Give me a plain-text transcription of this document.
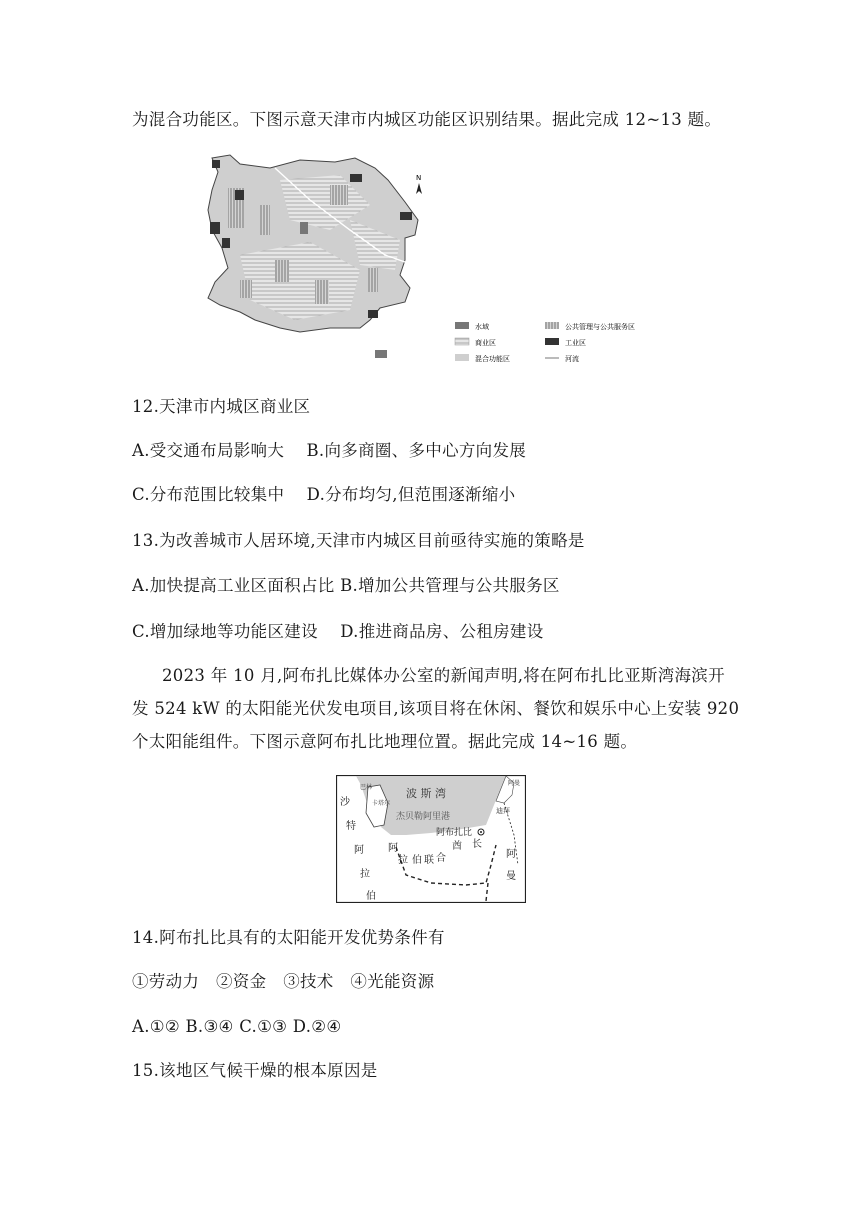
为混合功能区。下图示意天津市内城区功能区识别结果。据此完成 12~13 题。
N
水域	公共管理与公共服务区
商业区	工业区
混合功能区	河流
12.天津市内城区商业区
A.受交通布局影响大　 B.向多商圈、多中心方向发展
C.分布范围比较集中　 D.分布均匀,但范围逐渐缩小
13.为改善城市人居环境,天津市内城区目前亟待实施的策略是
A.加快提高工业区面积占比 B.增加公共管理与公共服务区
C.增加绿地等功能区建设　 D.推进商品房、公租房建设
2023 年 10 月,阿布扎比媒体办公室的新闻声明,将在阿布扎比亚斯湾海滨开
发 524 kW 的太阳能光伏发电项目,该项目将在休闲、餐饮和娱乐中心上安装 920
个太阳能组件。下图示意阿布扎比地理位置。据此完成 14~16 题。
波 斯 湾
杰贝勒阿里港
阿布扎比
巴林
卡塔尔
迪拜
阿曼
沙
特
阿
拉
伯
阿
拉 伯 联 合
酋 长
阿
曼
14.阿布扎比具有的太阳能开发优势条件有
①劳动力　②资金　③技术　④光能资源
A.①② B.③④ C.①③ D.②④
15.该地区气候干燥的根本原因是
